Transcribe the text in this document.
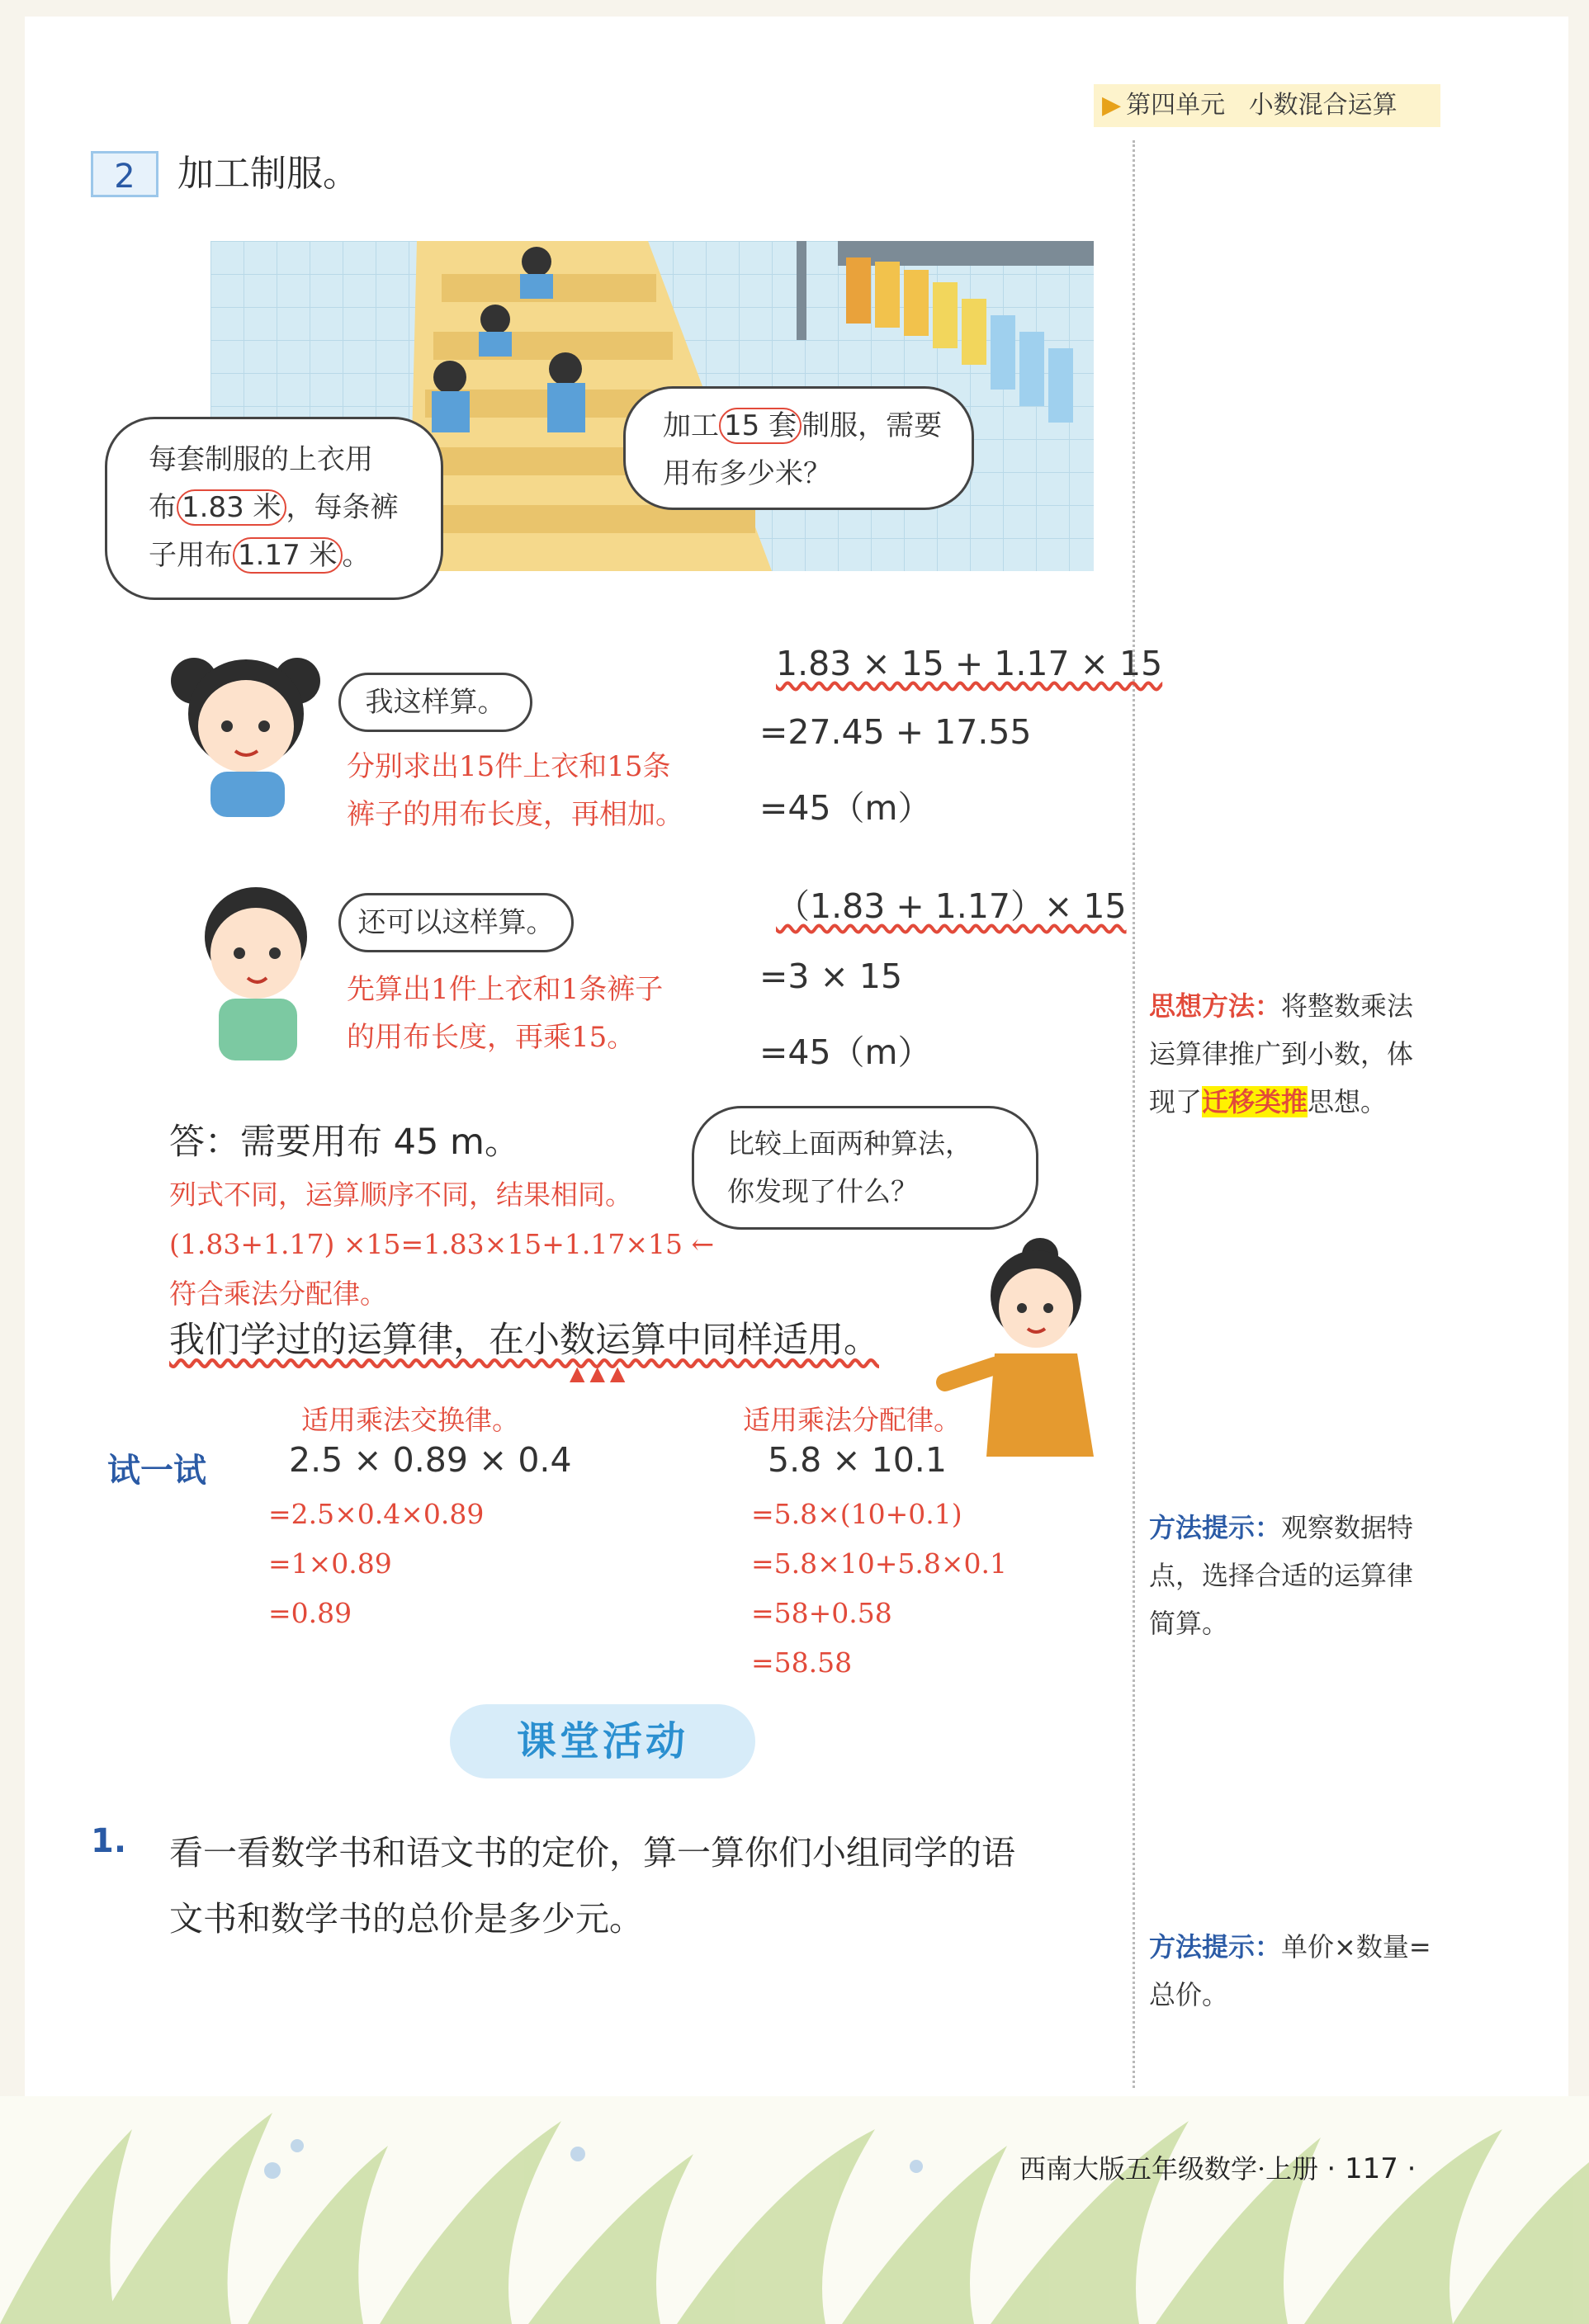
▶ 第四单元 小数混合运算
2	加工制服。
每套制服的上衣用
布 1.83 米 ，每条裤
子用布 1.17 米 。
加工 15 套 制服，需要
用布多少米？
我这样算。
分别求出15件上衣和15条
裤子的用布长度，再相加。
1.83 × 15 + 1.17 × 15
=27.45 + 17.55
=45（m）
还可以这样算。
先算出1件上衣和1条裤子
的用布长度，再乘15。
（1.83 + 1.17）× 15
=3 × 15
=45（m）
答：需要用布 45 m。
列式不同，运算顺序不同，结果相同。
(1.83+1.17) ×15=1.83×15+1.17×15 ←
符合乘法分配律。
比较上面两种算法，
你发现了什么？
我们学过的运算律，在小数运算中同样适用。
▲▲▲
试一试
适用乘法交换律。
2.5 × 0.89 × 0.4
=2.5×0.4×0.89
=1×0.89
=0.89
适用乘法分配律。
5.8 × 10.1
=5.8×(10+0.1)
=5.8×10+5.8×0.1
=58+0.58
=58.58
课堂活动
1. 看一看数学书和语文书的定价，算一算你们小组同学的语
文书和数学书的总价是多少元。
思想方法：将整数乘法
运算律推广到小数，体
现了迁移类推思想。
方法提示：观察数据特
点，选择合适的运算律
简算。
方法提示：单价×数量=
总价。
西南大版五年级数学·上册 · 117 ·
